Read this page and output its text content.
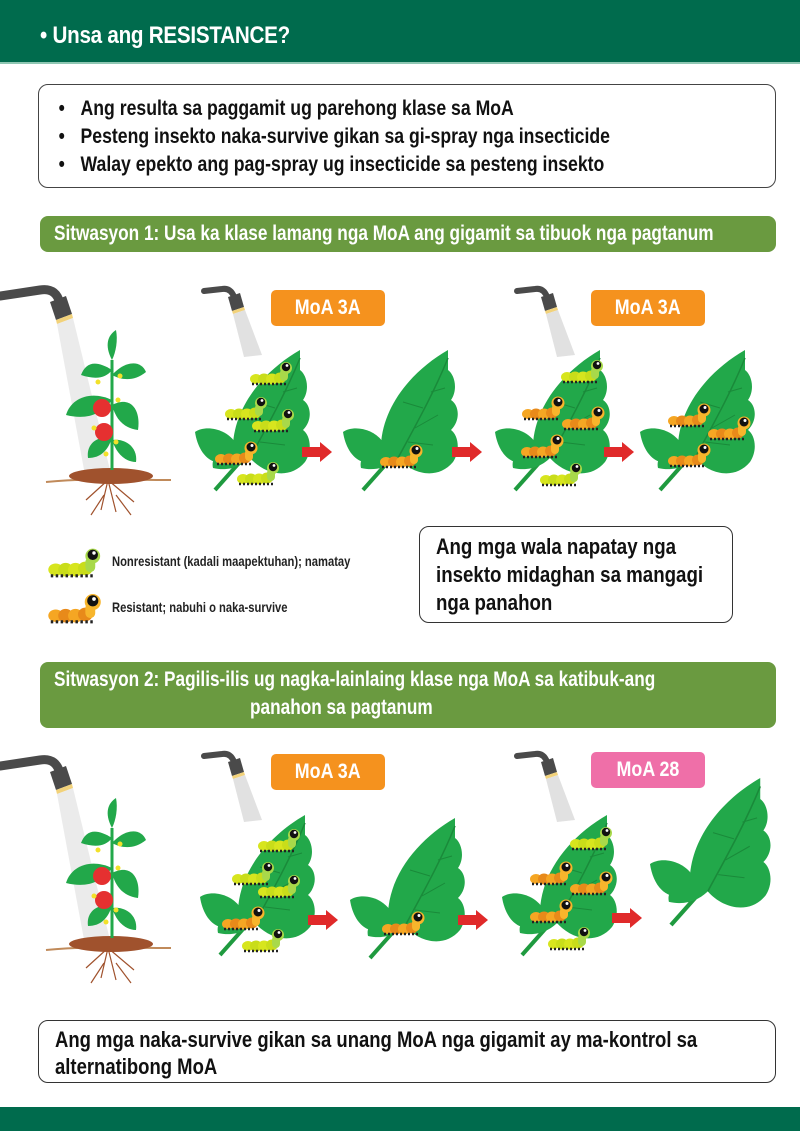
• Unsa ang RESISTANCE?
• Ang resulta sa paggamit ug parehong klase sa MoA
• Pesteng insekto naka-survive gikan sa gi-spray nga insecticide
• Walay epekto ang pag-spray ug insecticide sa pesteng insekto
Sitwasyon 1: Usa ka klase lamang nga MoA ang gigamit sa tibuok nga pagtanum
MoA 3A	MoA 3A
Nonresistant (kadali maapektuhan); namatay
Resistant; nabuhi o naka-survive

Ang mga wala napatay nga

insekto midaghan sa mangagi

nga panahon

Sitwasyon 2: Pagilis-ilis ug nagka-lainlaing klase nga MoA sa katibuk-ang
panahon sa pagtanum
MoA 3A	MoA 28

Ang mga naka-survive gikan sa unang MoA nga gigamit ay ma-kontrol sa

alternatibong MoA
